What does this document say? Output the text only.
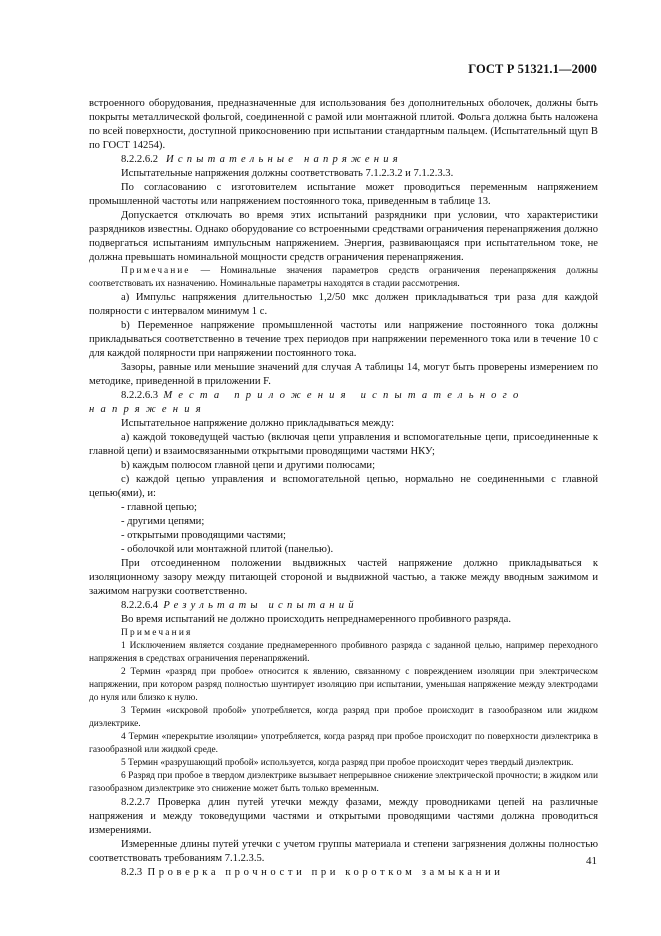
ГОСТ Р 51321.1—2000

встроенного оборудования, предназначенные для использования без дополнительных оболочек, должны быть покрыты металлической фольгой, соединенной с рамой или монтажной плитой. Фольга должна быть наложена по всей поверхности, доступной прикосновению при испытании стандартным пальцем. (Испытательный щуп В по ГОСТ 14254).

8.2.2.6.2 Испытательные напряжения

Испытательные напряжения должны соответствовать 7.1.2.3.2 и 7.1.2.3.3.

По согласованию с изготовителем испытание может проводиться переменным напряжением промышленной частоты или напряжением постоянного тока, приведенным в таблице 13.

Допускается отключать во время этих испытаний разрядники при условии, что характеристики разрядников известны. Однако оборудование со встроенными средствами ограничения перенапряжения должно подвергаться испытаниям импульсным напряжением. Энергия, развивающаяся при испытательном токе, не должна превышать номинальной мощности средств ограничения перенапряжения.

Примечание — Номинальные значения параметров средств ограничения перенапряжения должны соответствовать их назначению. Номинальные параметры находятся в стадии рассмотрения.

a) Импульс напряжения длительностью 1,2/50 мкс должен прикладываться три раза для каждой полярности с интервалом минимум 1 с.

b) Переменное напряжение промышленной частоты или напряжение постоянного тока должны прикладываться соответственно в течение трех периодов при напряжении переменного тока или в течение 10 с для каждой полярности при напряжении постоянного тока.

Зазоры, равные или меньшие значений для случая А таблицы 14, могут быть проверены измерением по методике, приведенной в приложении F.

8.2.2.6.3 Места приложения испытательного напряжения

Испытательное напряжение должно прикладываться между:

a) каждой токоведущей частью (включая цепи управления и вспомогательные цепи, присоединенные к главной цепи) и взаимосвязанными открытыми проводящими частями НКУ;

b) каждым полюсом главной цепи и другими полюсами;

c) каждой цепью управления и вспомогательной цепью, нормально не соединенными с главной цепью(ями), и:

- главной цепью;

- другими цепями;

- открытыми проводящими частями;

- оболочкой или монтажной плитой (панелью).

При отсоединенном положении выдвижных частей напряжение должно прикладываться к изоляционному зазору между питающей стороной и выдвижной частью, а также между вводным зажимом и зажимом нагрузки соответственно.

8.2.2.6.4 Результаты испытаний

Во время испытаний не должно происходить непреднамеренного пробивного разряда.

Примечания

1 Исключением является создание преднамеренного пробивного разряда с заданной целью, например переходного напряжения в средствах ограничения перенапряжений.

2 Термин «разряд при пробое» относится к явлению, связанному с повреждением изоляции при электрическом напряжении, при котором разряд полностью шунтирует изоляцию при испытании, уменьшая напряжение между электродами до нуля или близко к нулю.

3 Термин «искровой пробой» употребляется, когда разряд при пробое происходит в газообразном или жидком диэлектрике.

4 Термин «перекрытие изоляции» употребляется, когда разряд при пробое происходит по поверхности диэлектрика в газообразной или жидкой среде.

5 Термин «разрушающий пробой» используется, когда разряд при пробое происходит через твердый диэлектрик.

6 Разряд при пробое в твердом диэлектрике вызывает непрерывное снижение электрической прочности; в жидком или газообразном диэлектрике это снижение может быть только временным.

8.2.2.7 Проверка длин путей утечки между фазами, между проводниками цепей на различные напряжения и между токоведущими частями и открытыми проводящими частями должна проводиться измерениями.

Измеренные длины путей утечки с учетом группы материала и степени загрязнения должны полностью соответствовать требованиям 7.1.2.3.5.

8.2.3 Проверка прочности при коротком замыкании

41
